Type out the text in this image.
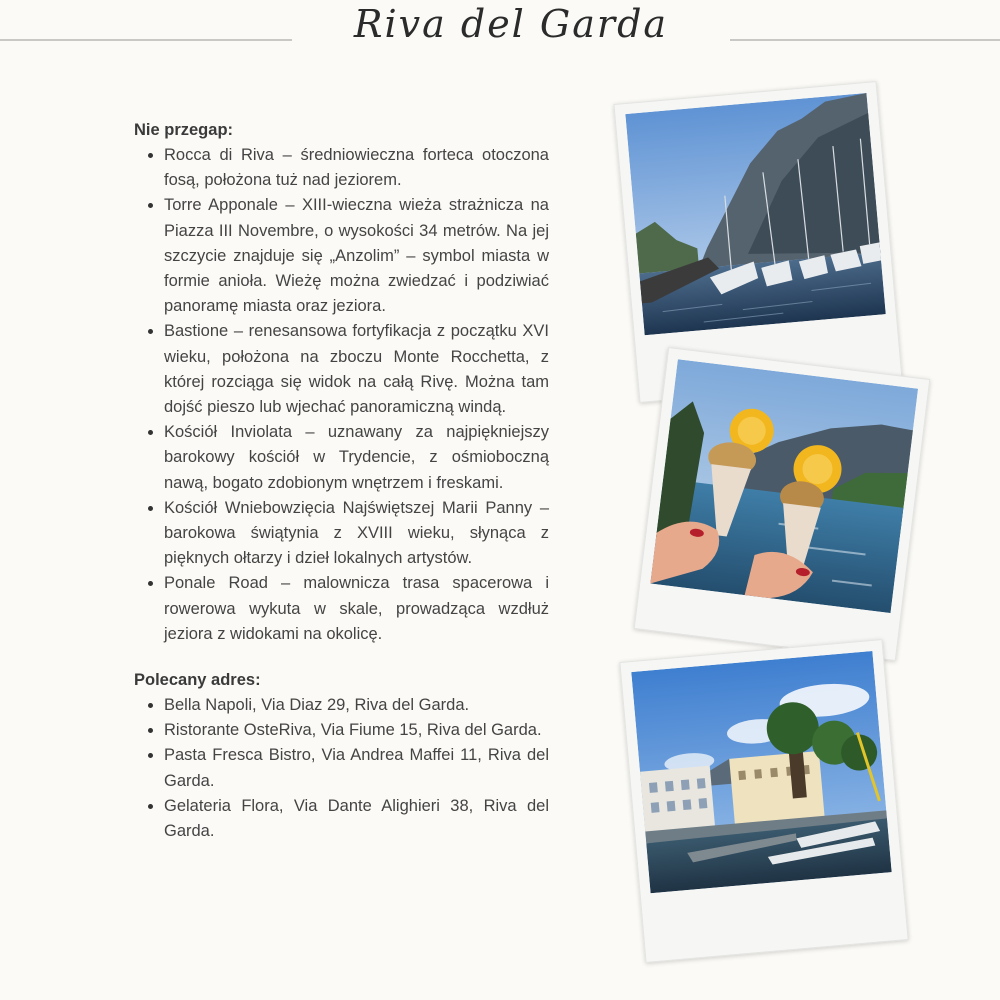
Riva del Garda

Nie przegap:

• Rocca di Riva – średniowieczna forteca otoczona fosą, położona tuż nad jeziorem.
• Torre Apponale – XIII-wieczna wieża strażnicza na Piazza III Novembre, o wysokości 34 metrów. Na jej szczycie znajduje się „Anzolim” – symbol miasta w formie anioła. Wieżę można zwiedzać i podziwiać panoramę miasta oraz jeziora.
• Bastione – renesansowa fortyfikacja z początku XVI wieku, położona na zboczu Monte Rocchetta, z której rozciąga się widok na całą Rivę. Można tam dojść pieszo lub wjechać panoramiczną windą.
• Kościół Inviolata – uznawany za najpiękniejszy barokowy kościół w Trydencie, z ośmioboczną nawą, bogato zdobionym wnętrzem i freskami.
• Kościół Wniebowzięcia Najświętszej Marii Panny – barokowa świątynia z XVIII wieku, słynąca z pięknych ołtarzy i dzieł lokalnych artystów.
• Ponale Road – malownicza trasa spacerowa i rowerowa wykuta w skale, prowadząca wzdłuż jeziora z widokami na okolicę.

Polecany adres:

• Bella Napoli, Via Diaz 29, Riva del Garda.
• Ristorante OsteRiva, Via Fiume 15, Riva del Garda.
• Pasta Fresca Bistro, Via Andrea Maffei 11, Riva del Garda.
• Gelateria Flora, Via Dante Alighieri 38, Riva del Garda.
